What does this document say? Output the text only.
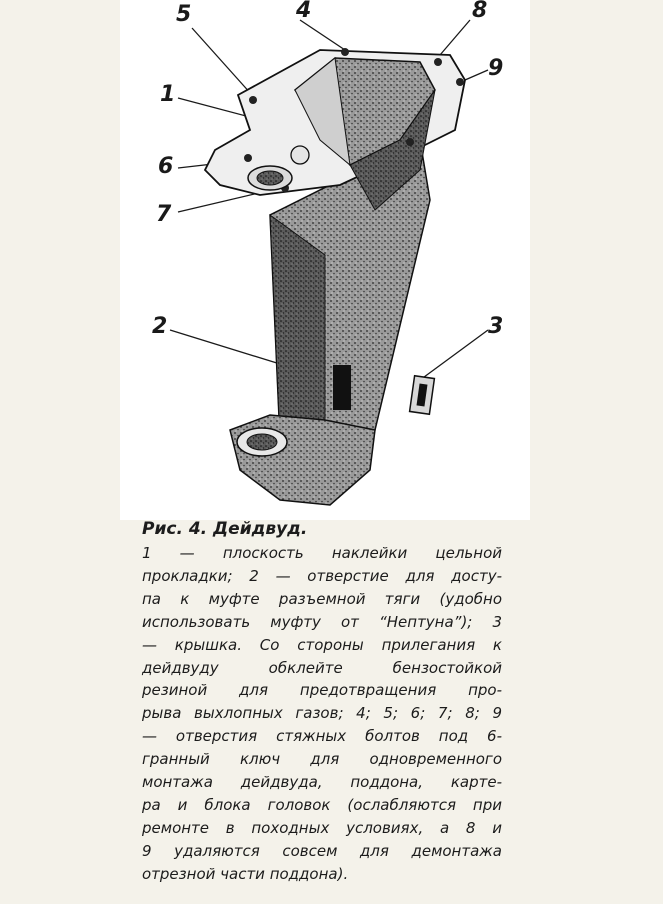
5	4	8
9
1
6
7
2	3

Рис. 4. Дейдвуд.

1 — плоскость наклейки цельной
прокладки; 2 — отверстие для досту-
па к муфте разъемной тяги (удобно
использовать муфту от “Нептуна”); 3
— крышка. Со стороны прилегания к
дейдвуду обклейте бензостойкой
резиной для предотвращения про-
рыва выхлопных газов; 4; 5; 6; 7; 8; 9
— отверстия стяжных болтов под 6-
гранный ключ для одновременного
монтажа дейдвуда, поддона, карте-
ра и блока головок (ослабляются при
ремонте в походных условиях, а 8 и
9 удаляются совсем для демонтажа
отрезной части поддона).
